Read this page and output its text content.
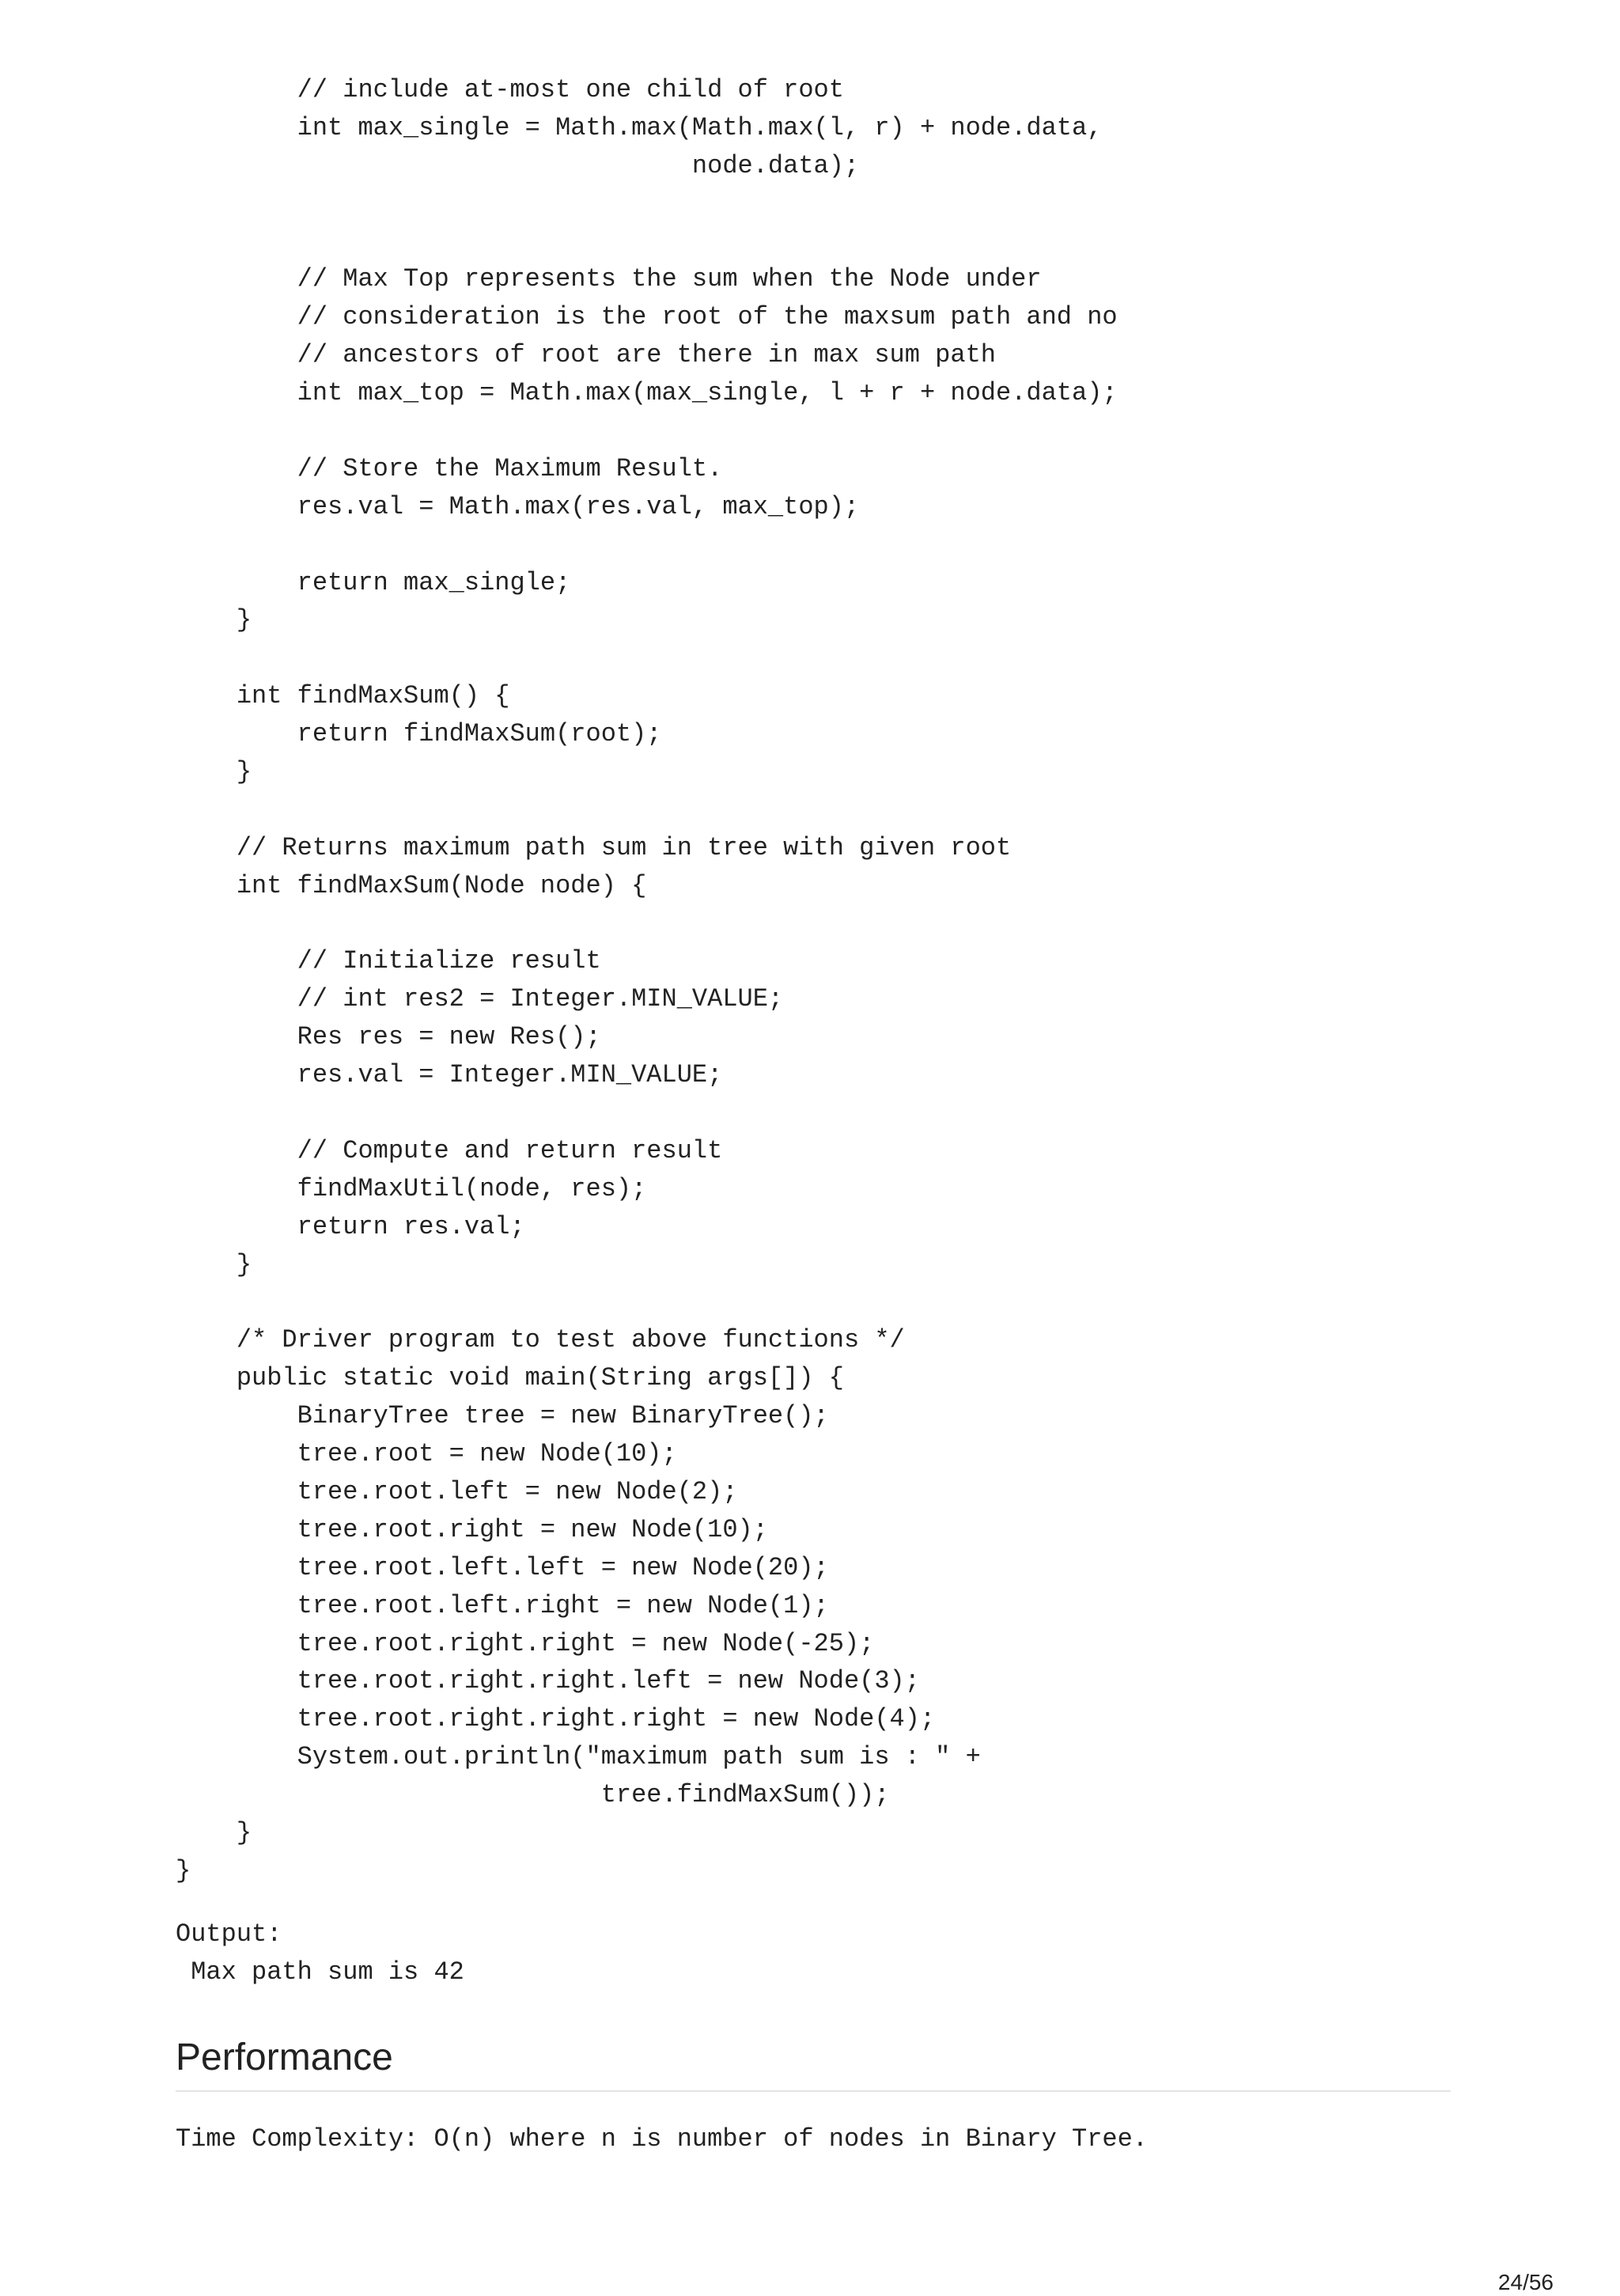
// include at-most one child of root
int max_single = Math.max(Math.max(l, r) + node.data,
node.data);
// Max Top represents the sum when the Node under
// consideration is the root of the maxsum path and no
// ancestors of root are there in max sum path
int max_top = Math.max(max_single, l + r + node.data);
// Store the Maximum Result.
res.val = Math.max(res.val, max_top);
return max_single;
}
int findMaxSum() {
return findMaxSum(root);
}
// Returns maximum path sum in tree with given root
int findMaxSum(Node node) {
// Initialize result
// int res2 = Integer.MIN_VALUE;
Res res = new Res();
res.val = Integer.MIN_VALUE;
// Compute and return result
findMaxUtil(node, res);
return res.val;
}
/* Driver program to test above functions */
public static void main(String args[]) {
BinaryTree tree = new BinaryTree();
tree.root = new Node(10);
tree.root.left = new Node(2);
tree.root.right = new Node(10);
tree.root.left.left = new Node(20);
tree.root.left.right = new Node(1);
tree.root.right.right = new Node(-25);
tree.root.right.right.left = new Node(3);
tree.root.right.right.right = new Node(4);
System.out.println("maximum path sum is : " +
tree.findMaxSum());
}
}
Output:
Max path sum is 42
Performance

Time Complexity: O(n) where n is number of nodes in Binary Tree.

24/56
